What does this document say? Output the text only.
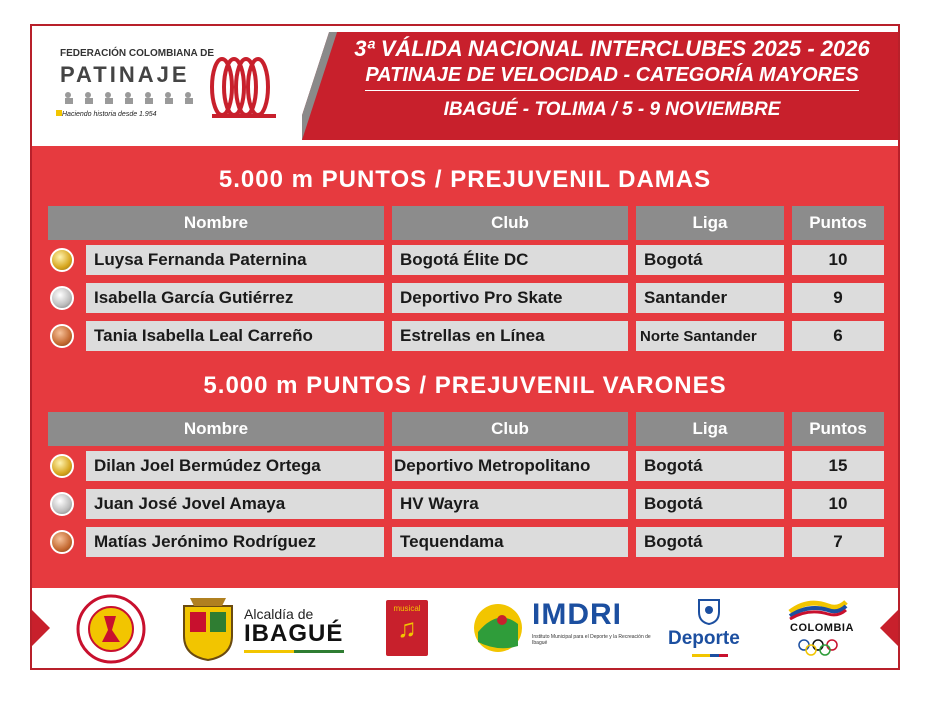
FEDERACIÓN COLOMBIANA DE
PATINAJE
Haciendo historia desde 1.954
3ª VÁLIDA NACIONAL INTERCLUBES 2025 - 2026
PATINAJE DE VELOCIDAD - CATEGORÍA MAYORES
IBAGUÉ - TOLIMA / 5 - 9 NOVIEMBRE
5.000 m PUNTOS / PREJUVENIL DAMAS
Nombre	Club	Liga	Puntos
Luysa Fernanda Paternina	Bogotá Élite DC	Bogotá	10
Isabella García Gutiérrez	Deportivo Pro Skate	Santander	9
Tania Isabella Leal Carreño	Estrellas en Línea	Norte Santander	6
5.000 m PUNTOS / PREJUVENIL VARONES
Nombre	Club	Liga	Puntos
Dilan Joel Bermúdez Ortega	Deportivo Metropolitano	Bogotá	15
Juan José Jovel Amaya	HV Wayra	Bogotá	10
Matías Jerónimo Rodríguez	Tequendama	Bogotá	7
Alcaldía de
IBAGUÉ
musical
♫	IMDRI
Instituto Municipal para el Deporte y la Recreación de Ibagué	Deporte	COLOMBIA
